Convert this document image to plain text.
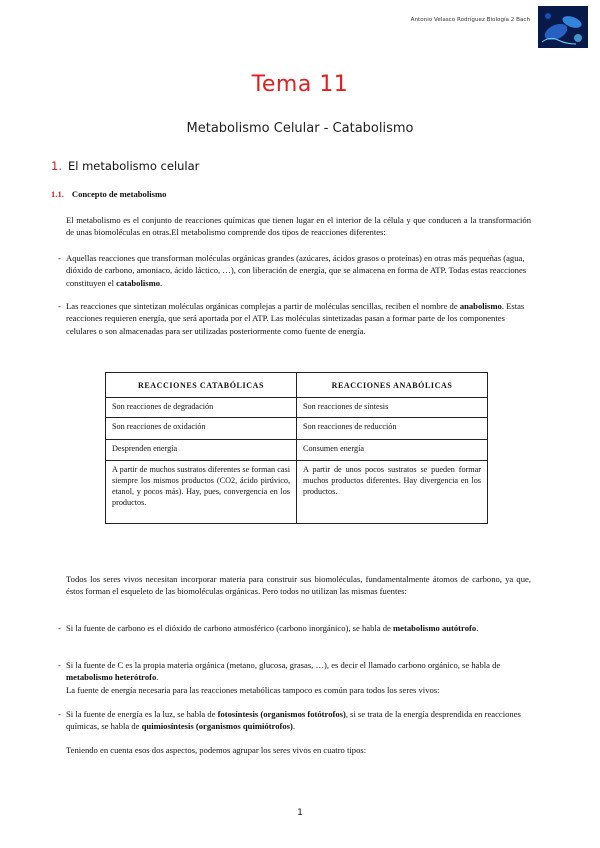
Antonio Velasco Rodríguez Biología 2 Bach
Tema 11
Metabolismo Celular - Catabolismo
1. El metabolismo celular
1.1. Concepto de metabolismo
El metabolismo es el conjunto de reacciones químicas que tienen lugar en el interior de la célula y que conducen a la transformación de unas biomoléculas en otras.El metabolismo comprende dos tipos de reacciones diferentes:
- Aquellas reacciones que transforman moléculas orgánicas grandes (azúcares, ácidos grasos o proteínas) en otras más pequeñas (agua, dióxido de carbono, amoniaco, ácido láctico, …), con liberación de energía, que se almacena en forma de ATP. Todas estas reacciones constituyen el catabolismo.
- Las reacciones que sintetizan moléculas orgánicas complejas a partir de moléculas sencillas, reciben el nombre de anabolismo. Estas reacciones requieren energía, que será aportada por el ATP. Las moléculas sintetizadas pasan a formar parte de los componentes celulares o son almacenadas para ser utilizadas posteriormente como fuente de energía.
REACCIONES CATABÓLICAS	REACCIONES ANABÓLICAS
Son reacciones de degradación	Son reacciones de síntesis
Son reacciones de oxidación	Son reacciones de reducción
Desprenden energía	Consumen energía
A partir de muchos sustratos diferentes se forman casi siempre los mismos productos (CO2, ácido pirúvico, etanol, y pocos más). Hay, pues, convergencia en los productos.	A partir de unos pocos sustratos se pueden formar muchos productos diferentes. Hay divergencia en los productos.
Todos los seres vivos necesitan incorporar materia para construir sus biomoléculas, fundamentalmente átomos de carbono, ya que, éstos forman el esqueleto de las biomoléculas orgánicas. Pero todos no utilizan las mismas fuentes:
- Si la fuente de carbono es el dióxido de carbono atmosférico (carbono inorgánico), se habla de metabolismo autótrofo.
- Si la fuente de C es la propia materia orgánica (metano, glucosa, grasas, …), es decir el llamado carbono orgánico, se habla de metabolismo heterótrofo.
La fuente de energía necesaria para las reacciones metabólicas tampoco es común para todos los seres vivos:
- Si la fuente de energía es la luz, se habla de fotosíntesis (organismos fotótrofos), si se trata de la energía desprendida en reacciones químicas, se habla de quimiosíntesis (organismos quimiótrofos).
Teniendo en cuenta esos dos aspectos, podemos agrupar los seres vivos en cuatro tipos:
1
